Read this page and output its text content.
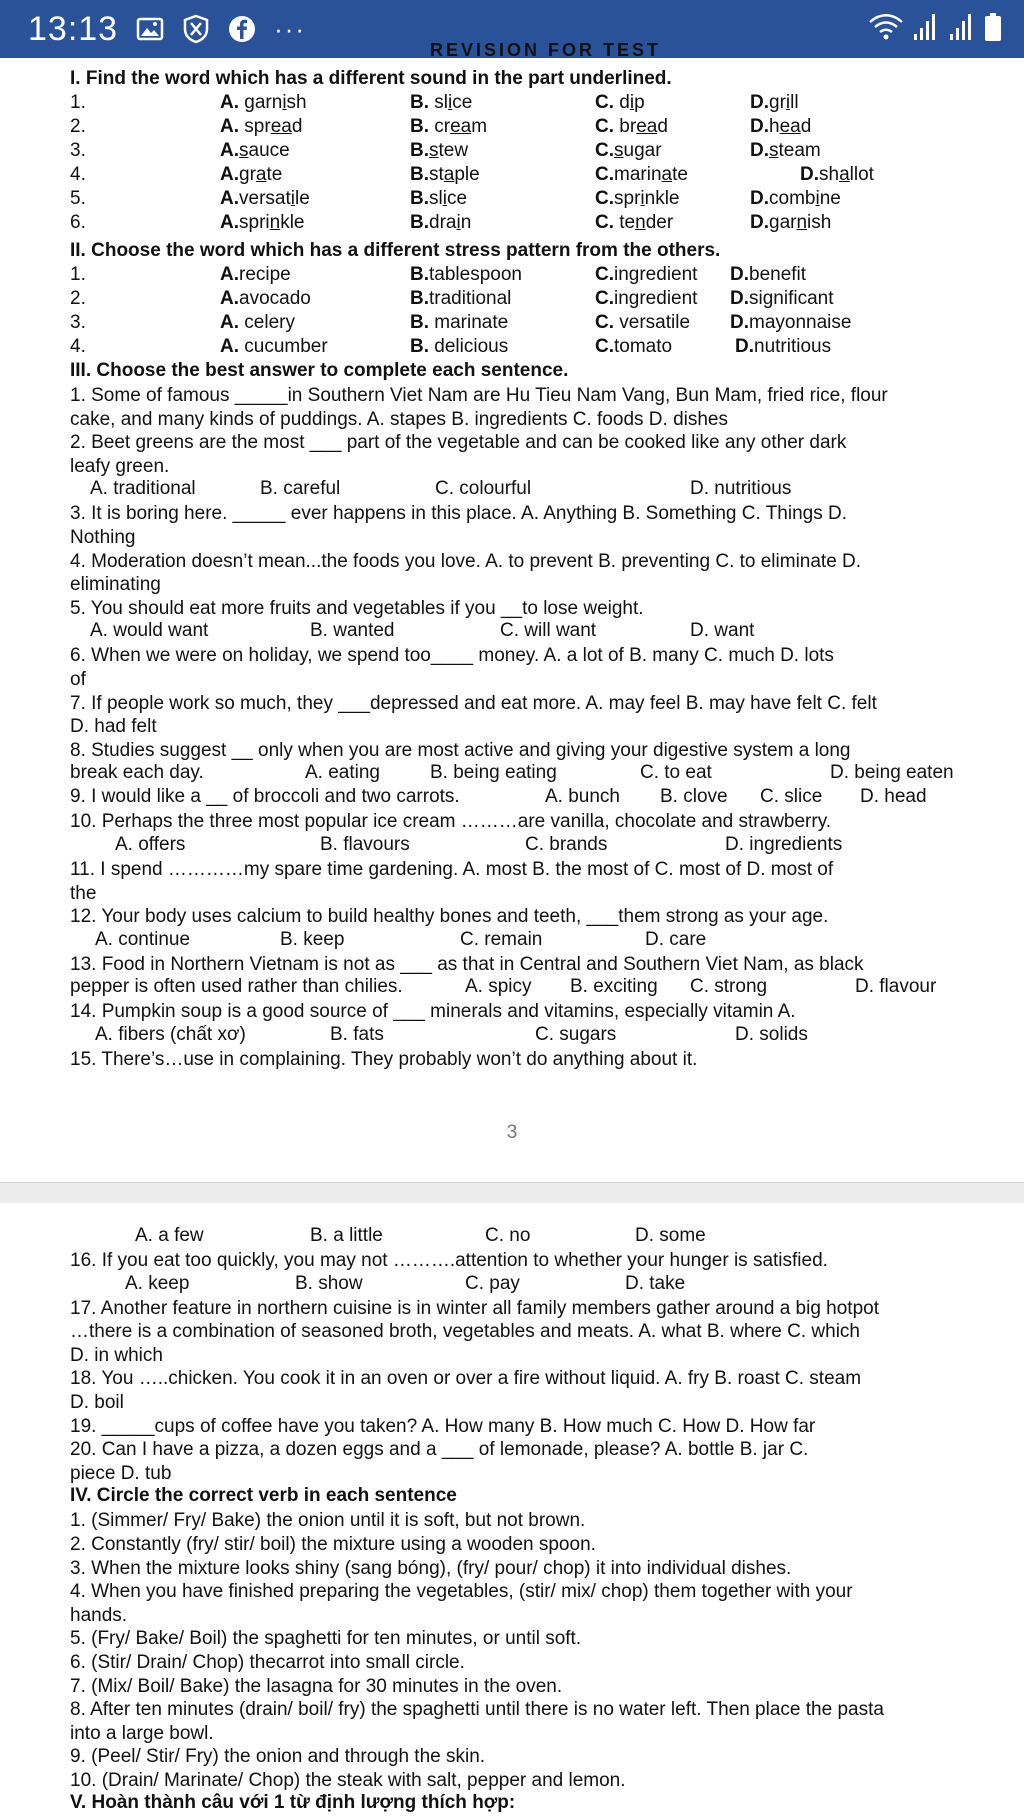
13:13	···
REVISION FOR TEST
I. Find the word which has a different sound in the part underlined.
1.	A. garnish	B. slice	C. dip	D.grill
2.	A. spread	B. cream	C. bread	D.head
3.	A.sauce	B.stew	C.sugar	D.steam
4.	A.grate	B.staple	C.marinate	D.shallot
5.	A.versatile	B.slice	C.sprinkle	D.combine
6.	A.sprinkle	B.drain	C. tender	D.garnish
II. Choose the word which has a different stress pattern from the others.
1.	A.recipe	B.tablespoon	C.ingredient D.benefit
2.	A.avocado	B.traditional	C.ingredient D.significant
3.	A. celery	B. marinate	C. versatile D.mayonnaise
4.	A. cucumber	B. delicious	C.tomato	D.nutritious
III. Choose the best answer to complete each sentence.
1. Some of famous _____in Southern Viet Nam are Hu Tieu Nam Vang, Bun Mam, fried rice, flour
cake, and many kinds of puddings. A. stapes B. ingredients C. foods D. dishes
2. Beet greens are the most ___ part of the vegetable and can be cooked like any other dark
leafy green.
A. traditional	B. careful	C. colourful	D. nutritious
3. It is boring here. _____ ever happens in this place. A. Anything B. Something C. Things D.
Nothing
4. Moderation doesn’t mean...the foods you love. A. to prevent B. preventing C. to eliminate D.
eliminating
5. You should eat more fruits and vegetables if you __to lose weight.
A. would want	B. wanted	C. will want	D. want
6. When we were on holiday, we spend too____ money. A. a lot of B. many C. much D. lots
of
7. If people work so much, they ___depressed and eat more. A. may feel B. may have felt C. felt
D. had felt
8. Studies suggest __ only when you are most active and giving your digestive system a long
break each day.	A. eating	B. being eating	C. to eat	D. being eaten
9. I would like a __ of broccoli and two carrots.	A. bunch B. clove C. slice D. head
10. Perhaps the three most popular ice cream ………are vanilla, chocolate and strawberry.
A. offers	B. flavours	C. brands	D. ingredients
11. I spend …………my spare time gardening. A. most B. the most of C. most of D. most of
the
12. Your body uses calcium to build healthy bones and teeth, ___them strong as your age.
A. continue	B. keep	C. remain	D. care
13. Food in Northern Vietnam is not as ___ as that in Central and Southern Viet Nam, as black
pepper is often used rather than chilies.	A. spicy B. exciting C. strong	D. flavour
14. Pumpkin soup is a good source of ___ minerals and vitamins, especially vitamin A.
A. fibers (chất xơ)	B. fats	C. sugars	D. solids
15. There’s…use in complaining. They probably won’t do anything about it.
3
A. a few	B. a little	C. no	D. some
16. If you eat too quickly, you may not ……….attention to whether your hunger is satisfied.
A. keep	B. show	C. pay	D. take
17. Another feature in northern cuisine is in winter all family members gather around a big hotpot
…there is a combination of seasoned broth, vegetables and meats. A. what B. where C. which
D. in which
18. You …..chicken. You cook it in an oven or over a fire without liquid. A. fry B. roast C. steam
D. boil
19. _____cups of coffee have you taken? A. How many B. How much C. How D. How far
20. Can I have a pizza, a dozen eggs and a ___ of lemonade, please? A. bottle B. jar C.
piece D. tub
IV. Circle the correct verb in each sentence
1. (Simmer/ Fry/ Bake) the onion until it is soft, but not brown.
2. Constantly (fry/ stir/ boil) the mixture using a wooden spoon.
3. When the mixture looks shiny (sang bóng), (fry/ pour/ chop) it into individual dishes.
4. When you have finished preparing the vegetables, (stir/ mix/ chop) them together with your
hands.
5. (Fry/ Bake/ Boil) the spaghetti for ten minutes, or until soft.
6. (Stir/ Drain/ Chop) thecarrot into small circle.
7. (Mix/ Boil/ Bake) the lasagna for 30 minutes in the oven.
8. After ten minutes (drain/ boil/ fry) the spaghetti until there is no water left. Then place the pasta
into a large bowl.
9. (Peel/ Stir/ Fry) the onion and through the skin.
10. (Drain/ Marinate/ Chop) the steak with salt, pepper and lemon.
V. Hoàn thành câu với 1 từ định lượng thích hợp:
